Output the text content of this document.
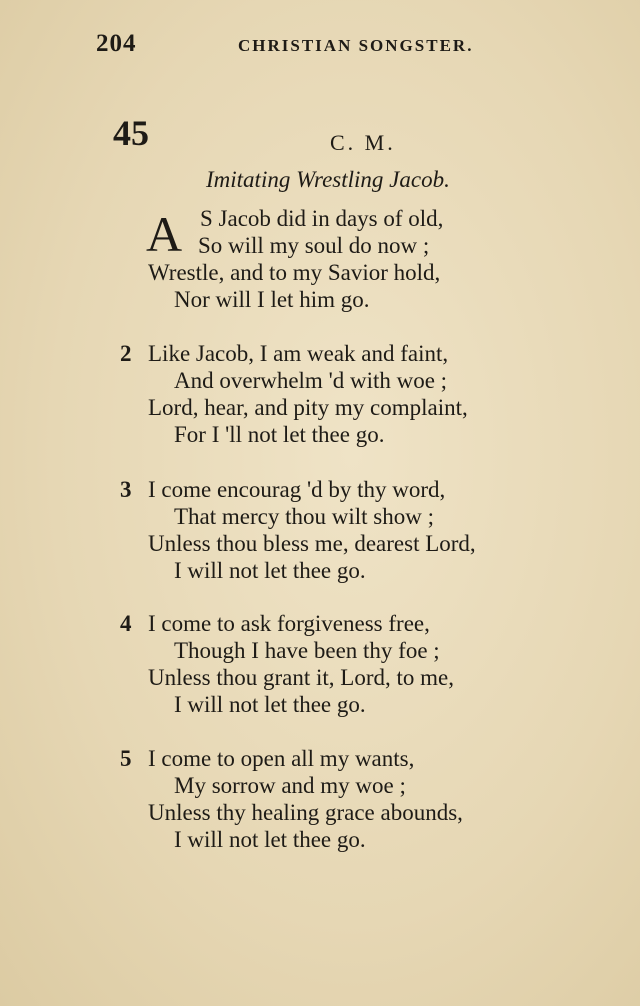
204	CHRISTIAN SONGSTER.
45	C. M.
Imitating Wrestling Jacob.
A S Jacob did in days of old,
So will my soul do now ;
Wrestle, and to my Savior hold,
Nor will I let him go.
2 Like Jacob, I am weak and faint,
And overwhelm 'd with woe ;
Lord, hear, and pity my complaint,
For I 'll not let thee go.
3 I come encourag 'd by thy word,
That mercy thou wilt show ;
Unless thou bless me, dearest Lord,
I will not let thee go.
4 I come to ask forgiveness free,
Though I have been thy foe ;
Unless thou grant it, Lord, to me,
I will not let thee go.
5 I come to open all my wants,
My sorrow and my woe ;
Unless thy healing grace abounds,
I will not let thee go.
